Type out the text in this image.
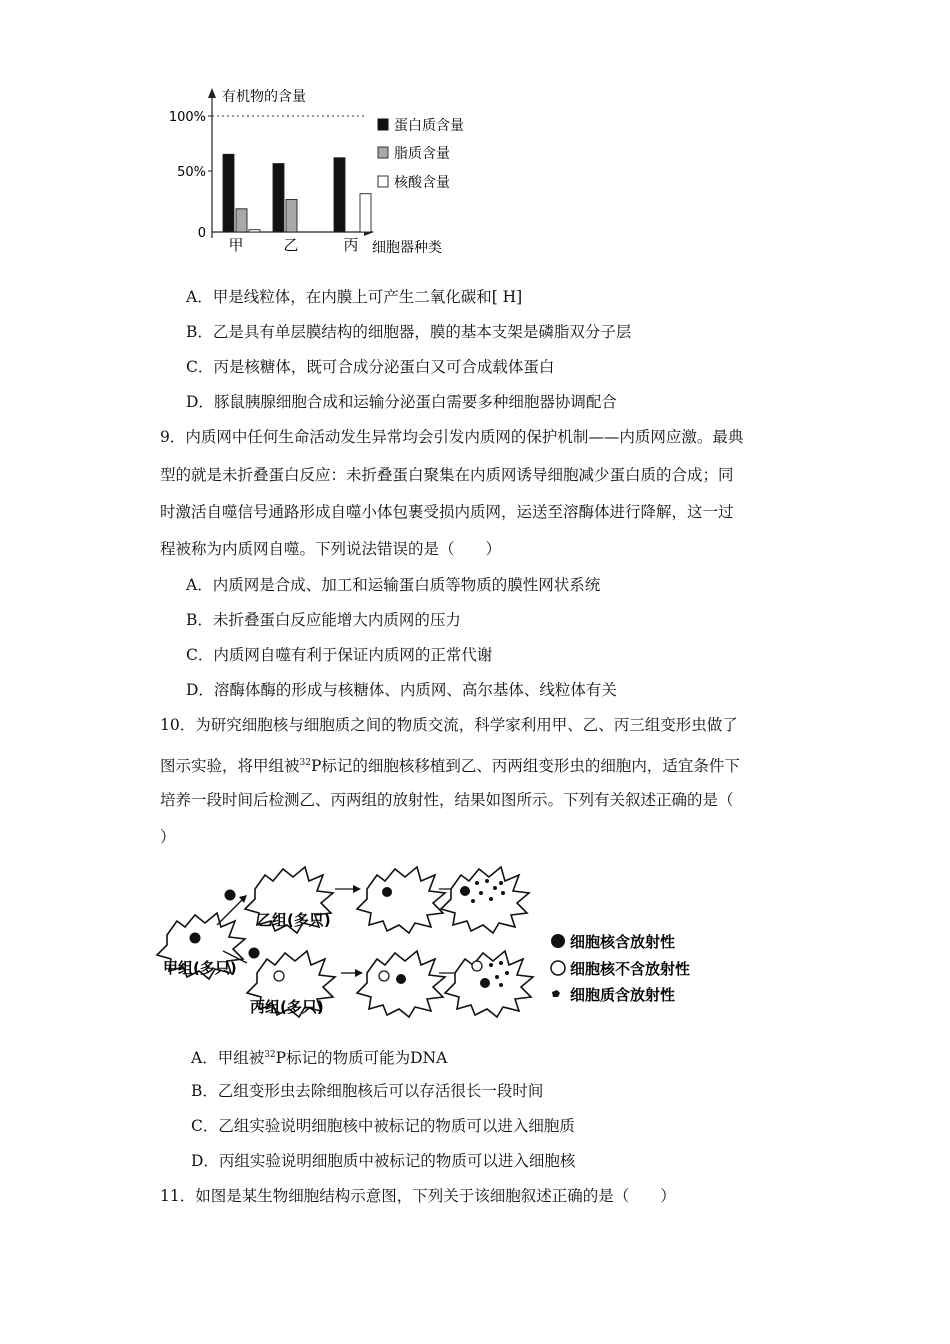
有机物的含量
100%
50%
0
甲	乙	丙 细胞器种类
蛋白质含量
脂质含量
核酸含量
A．甲是线粒体，在内膜上可产生二氧化碳和[ H]
B．乙是具有单层膜结构的细胞器，膜的基本支架是磷脂双分子层
C．丙是核糖体，既可合成分泌蛋白又可合成载体蛋白
D．豚鼠胰腺细胞合成和运输分泌蛋白需要多种细胞器协调配合
9．内质网中任何生命活动发生异常均会引发内质网的保护机制——内质网应激。最典
型的就是未折叠蛋白反应：未折叠蛋白聚集在内质网诱导细胞减少蛋白质的合成；同
时激活自噬信号通路形成自噬小体包裹受损内质网，运送至溶酶体进行降解，这一过
程被称为内质网自噬。下列说法错误的是（　　）
A．内质网是合成、加工和运输蛋白质等物质的膜性网状系统
B．未折叠蛋白反应能增大内质网的压力
C．内质网自噬有利于保证内质网的正常代谢
D．溶酶体酶的形成与核糖体、内质网、高尔基体、线粒体有关
10．为研究细胞核与细胞质之间的物质交流，科学家利用甲、乙、丙三组变形虫做了
图示实验，将甲组被$^{32}$P标记的细胞核移植到乙、丙两组变形虫的细胞内，适宜条件下
培养一段时间后检测乙、丙两组的放射性，结果如图所示。下列有关叙述正确的是（
）
甲组(多只)
乙组(多只)
丙组(多只)
细胞核含放射性
细胞核不含放射性
细胞质含放射性
A．甲组被$^{32}$P标记的物质可能为DNA
B．乙组变形虫去除细胞核后可以存活很长一段时间
C．乙组实验说明细胞核中被标记的物质可以进入细胞质
D．丙组实验说明细胞质中被标记的物质可以进入细胞核
11．如图是某生物细胞结构示意图，下列关于该细胞叙述正确的是（　　）
